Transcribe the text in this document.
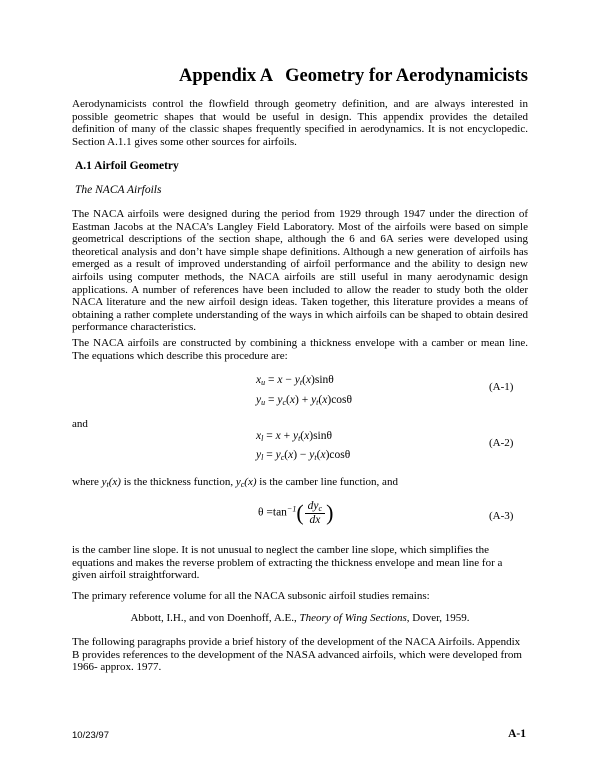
Appendix A Geometry for Aerodynamicists

Aerodynamicists control the flowfield through geometry definition, and are always interested in possible geometric shapes that would be useful in design. This appendix provides the detailed definition of many of the classic shapes frequently specified in aerodynamics. It is not encyclopedic. Section A.1.1 gives some other sources for airfoils.

A.1 Airfoil Geometry
The NACA Airfoils

The NACA airfoils were designed during the period from 1929 through 1947 under the direction of Eastman Jacobs at the NACA’s Langley Field Laboratory. Most of the airfoils were based on simple geometrical descriptions of the section shape, although the 6 and 6A series were developed using theoretical analysis and don’t have simple shape definitions. Although a new generation of airfoils has emerged as a result of improved understanding of airfoil performance and the ability to design new airfoils using computer methods, the NACA airfoils are still useful in many aerodynamic design applications. A number of references have been included to allow the reader to study both the older NACA literature and the new airfoil design ideas. Taken together, this literature provides a means of obtaining a rather complete understanding of the ways in which airfoils can be shaped to obtain desired performance characteristics.

The NACA airfoils are constructed by combining a thickness envelope with a camber or mean line. The equations which describe this procedure are:

$x_u = x - y_t(x)\sin\theta$
$y_u = y_c(x) + y_t(x)\cos\theta$
(A-1)
and
$x_l = x + y_t(x)\sin\theta$
$y_l = y_c(x) - y_t(x)\cos\theta$
(A-2)
where $y_t(x)$ is the thickness function, $y_c(x)$ is the camber line function, and
$\theta =\tan^{-1}( \frac{dy_c}{dx}$ )	(A-3)

is the camber line slope. It is not unusual to neglect the camber line slope, which simplifies the equations and makes the reverse problem of extracting the thickness envelope and mean line for a given airfoil straightforward.

The primary reference volume for all the NACA subsonic airfoil studies remains:

Abbott, I.H., and von Doenhoff, A.E., Theory of Wing Sections, Dover, 1959.

The following paragraphs provide a brief history of the development of the NACA Airfoils. Appendix B provides references to the development of the NASA advanced airfoils, which were developed from 1966- approx. 1977.

10/23/97	A-1
